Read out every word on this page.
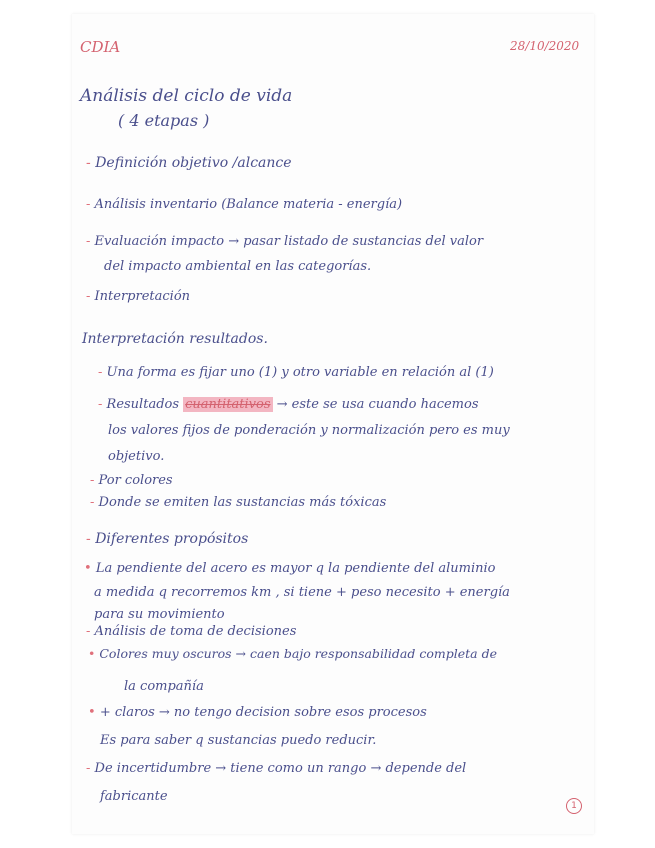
CDIA	28/10/2020
Análisis del ciclo de vida
( 4 etapas )
- Definición objetivo /alcance
- Análisis inventario (Balance materia - energía)
- Evaluación impacto → pasar listado de sustancias del valor
del impacto ambiental en las categorías.
- Interpretación
Interpretación resultados.
- Una forma es fijar uno (1) y otro variable en relación al (1)
- Resultados cuantitativos → este se usa cuando hacemos
los valores fijos de ponderación y normalización pero es muy
objetivo.
- Por colores
- Donde se emiten las sustancias más tóxicas
- Diferentes propósitos
• La pendiente del acero es mayor q la pendiente del aluminio
a medida q recorremos km , si tiene + peso necesito + energía
para su movimiento
- Análisis de toma de decisiones
• Colores muy oscuros → caen bajo responsabilidad completa de
la compañía
• + claros → no tengo decision sobre esos procesos
Es para saber q sustancias puedo reducir.
- De incertidumbre → tiene como un rango → depende del
fabricante
1
